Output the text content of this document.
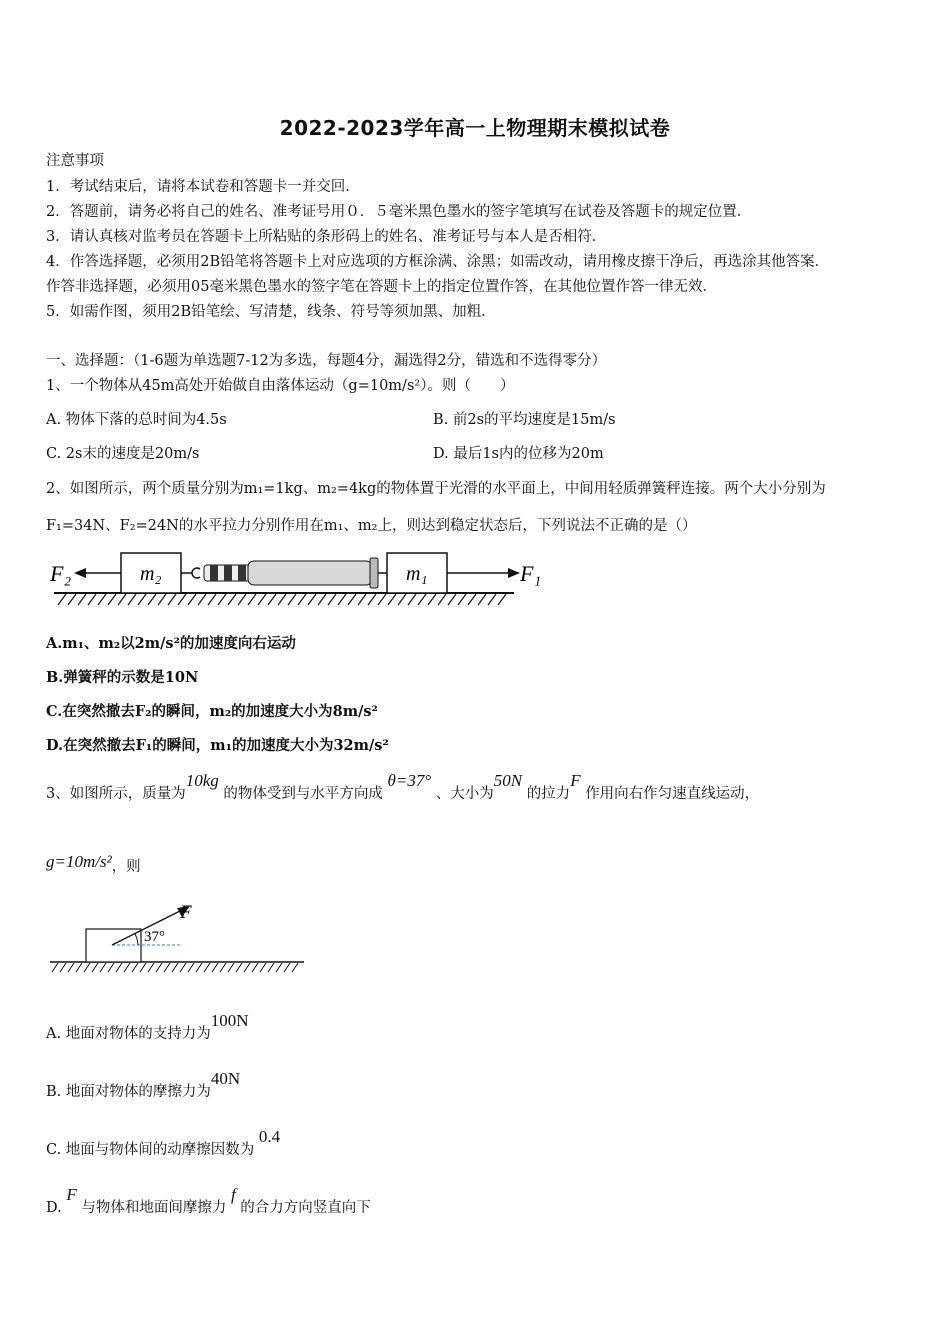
2022-2023学年高一上物理期末模拟试卷
注意事项
1．考试结束后，请将本试卷和答题卡一并交回．
2．答题前，请务必将自己的姓名、准考证号用０．５毫米黑色墨水的签字笔填写在试卷及答题卡的规定位置．
3．请认真核对监考员在答题卡上所粘贴的条形码上的姓名、准考证号与本人是否相符．
4．作答选择题，必须用2B铅笔将答题卡上对应选项的方框涂满、涂黑；如需改动，请用橡皮擦干净后，再选涂其他答案．
作答非选择题，必须用05毫米黑色墨水的签字笔在答题卡上的指定位置作答，在其他位置作答一律无效．
5．如需作图，须用2B铅笔绘、写清楚，线条、符号等须加黑、加粗．
一、选择题：（1-6题为单选题7-12为多选，每题4分，漏选得2分，错选和不选得零分）
1、一个物体从45m高处开始做自由落体运动（g=10m/s²）。则（　　）
A. 物体下落的总时间为4.5s	B. 前2s的平均速度是15m/s
C. 2s末的速度是20m/s	D. 最后1s内的位移为20m
2、如图所示，两个质量分别为m₁=1kg、m₂=4kg的物体置于光滑的水平面上，中间用轻质弹簧秤连接。两个大小分别为
F₁=34N、F₂=24N的水平拉力分别作用在m₁、m₂上，则达到稳定状态后，下列说法不正确的是（）
F₂	m₂	m₁	F₁
A.m₁、m₂以2m/s²的加速度向右运动
B.弹簧秤的示数是10N
C.在突然撤去F₂的瞬间，m₂的加速度大小为8m/s²
D.在突然撤去F₁的瞬间，m₁的加速度大小为32m/s²
3、如图所示，质量为10kg 的物体受到与水平方向成 θ=37° 、大小为50N 的拉力F 作用向右作匀速直线运动，
g=10m/s²，则
F
37°
A. 地面对物体的支持力为100N
B. 地面对物体的摩擦力为40N
C. 地面与物体间的动摩擦因数为 0.4
D. F 与物体和地面间摩擦力 f 的合力方向竖直向下
